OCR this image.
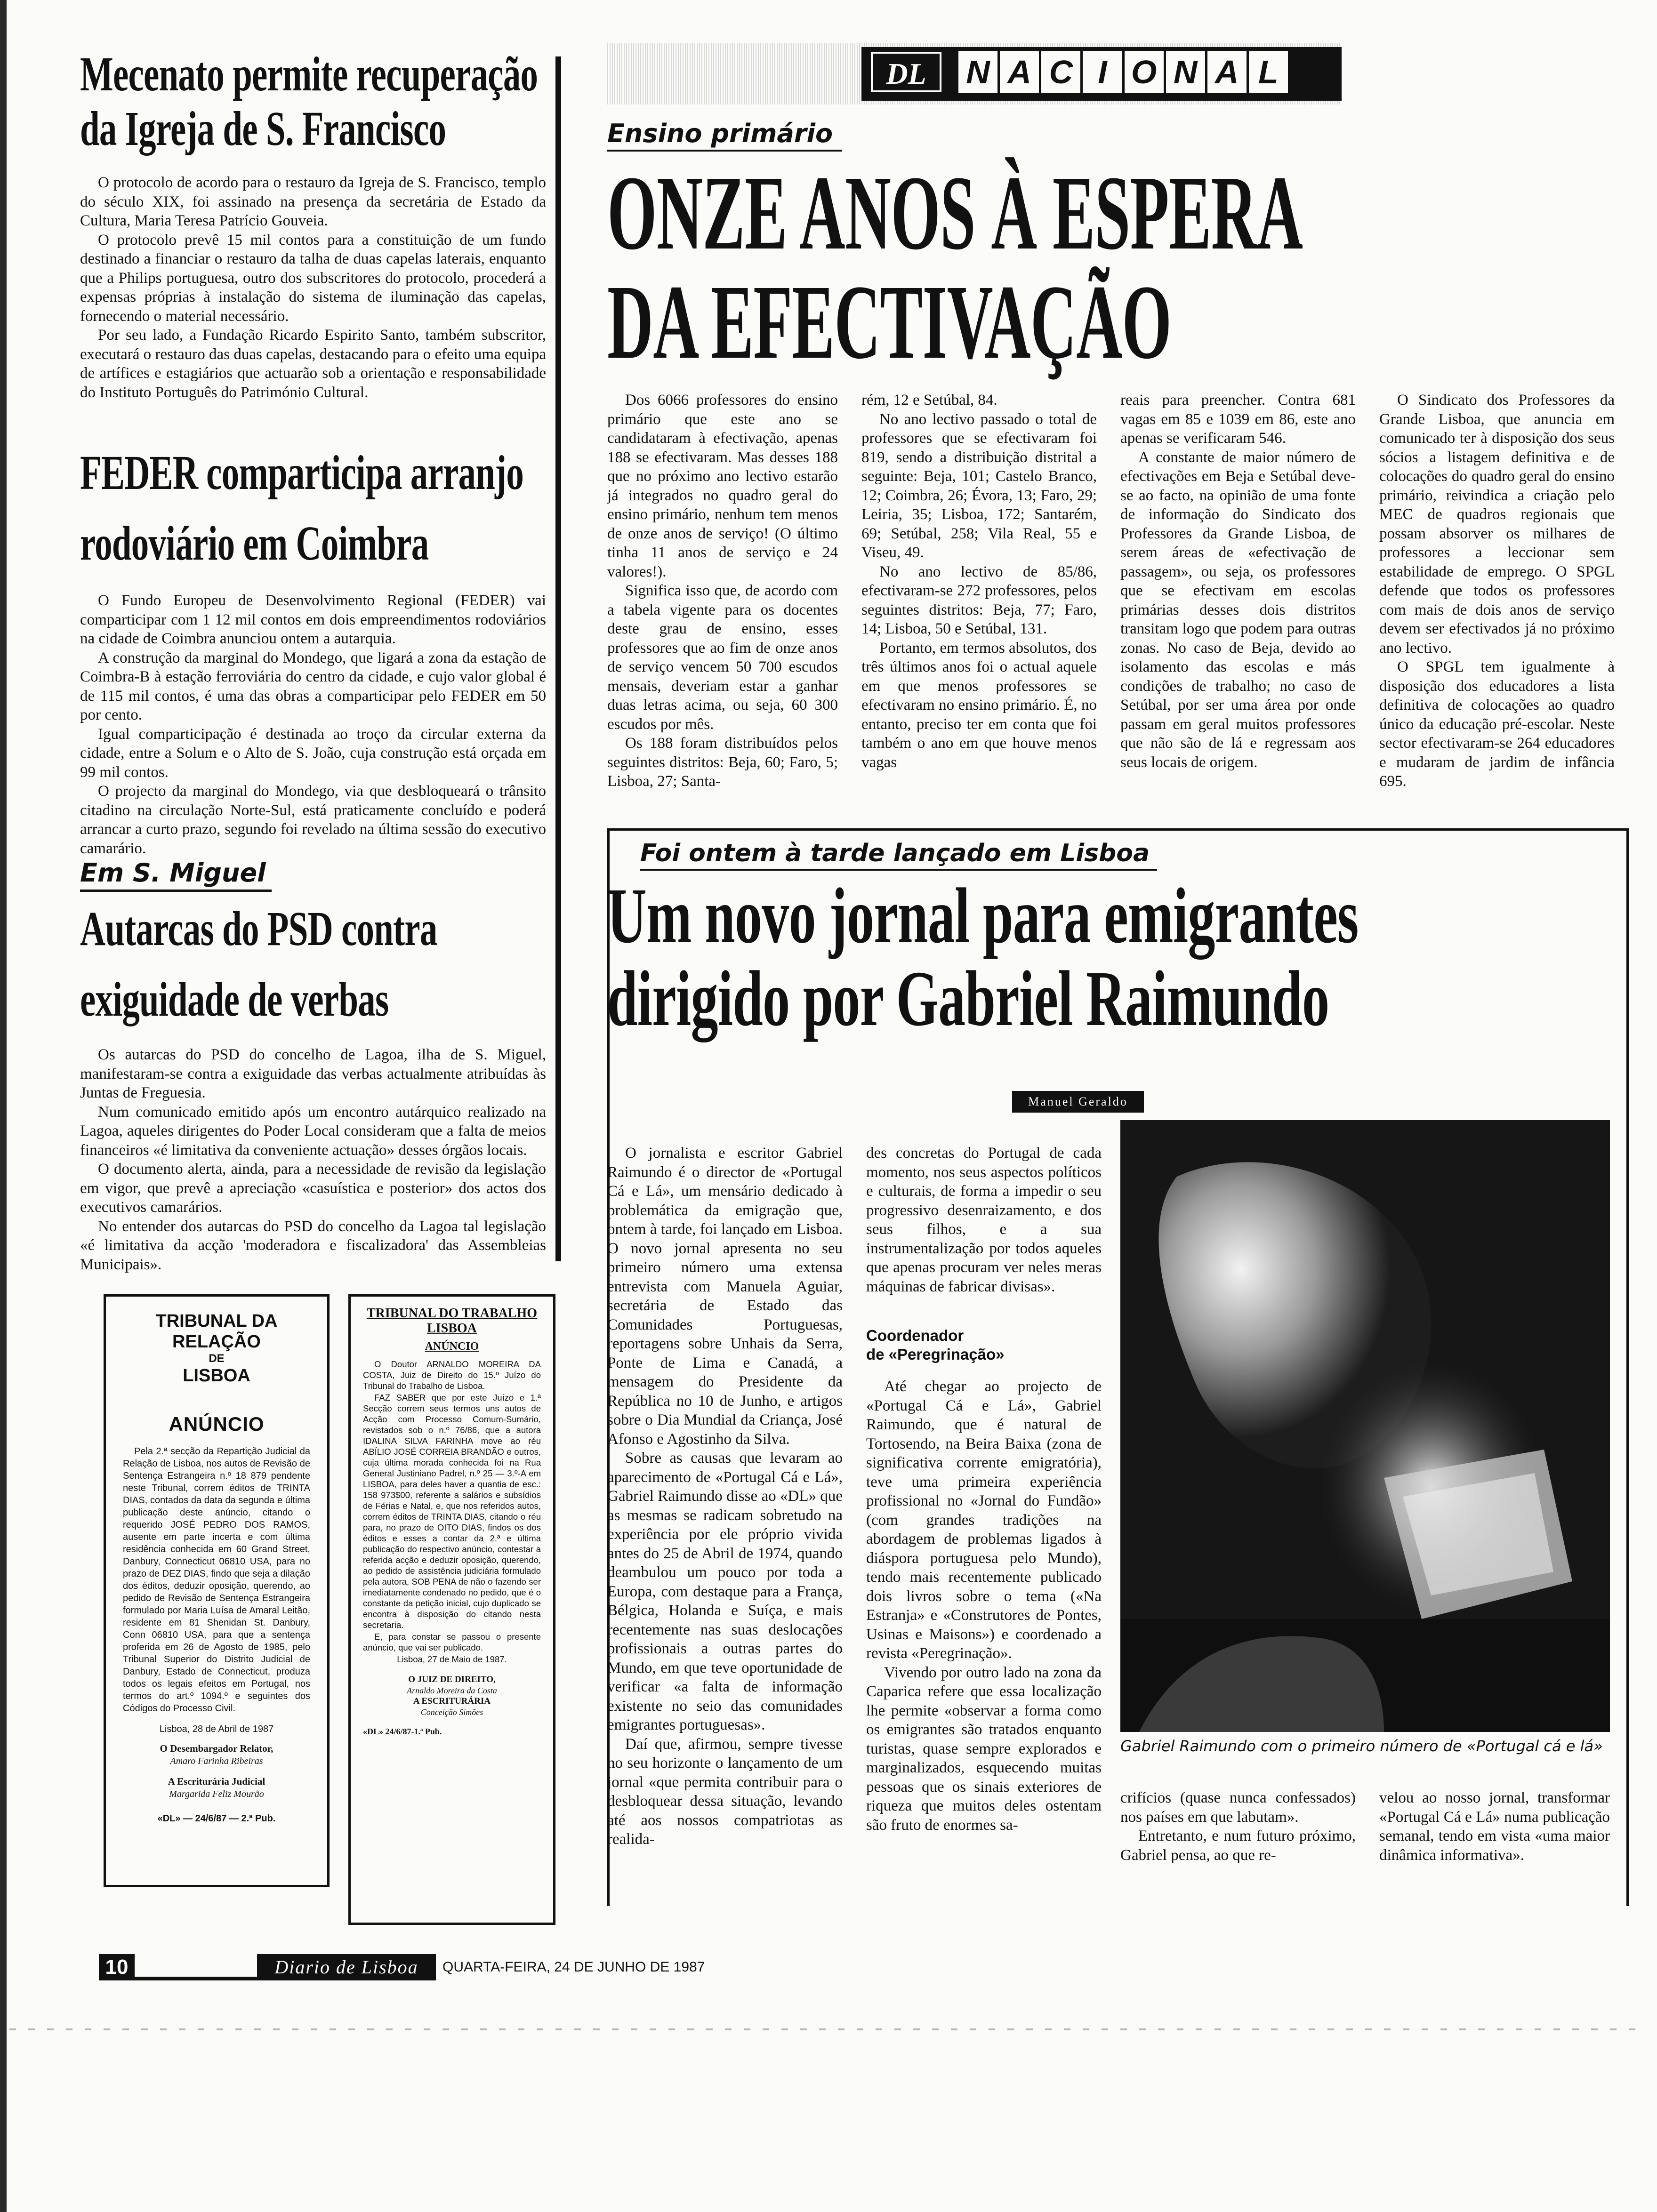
DL	N A C I O N A L
Mecenato permite recuperação
da Igreja de S. Francisco

O protocolo de acordo para o restauro da Igreja de S. Francisco, templo do século XIX, foi assinado na presença da secretária de Estado da Cultura, Maria Teresa Patrício Gouveia.

O protocolo prevê 15 mil contos para a constituição de um fundo destinado a financiar o restauro da talha de duas capelas laterais, enquanto que a Philips portuguesa, outro dos subscritores do protocolo, procederá a expensas próprias à instalação do sistema de iluminação das capelas, fornecendo o material necessário.

Por seu lado, a Fundação Ricardo Espirito Santo, também subscritor, executará o restauro das duas capelas, destacando para o efeito uma equipa de artífices e estagiários que actuarão sob a orientação e responsabilidade do Instituto Português do Património Cultural.

FEDER comparticipa arranjo
rodoviário em Coimbra

O Fundo Europeu de Desenvolvimento Regional (FEDER) vai comparticipar com 1 12 mil contos em dois empreendimentos rodoviários na cidade de Coimbra anunciou ontem a autarquia.

A construção da marginal do Mondego, que ligará a zona da estação de Coimbra-B à estação ferroviária do centro da cidade, e cujo valor global é de 115 mil contos, é uma das obras a comparticipar pelo FEDER em 50 por cento.

Igual comparticipação é destinada ao troço da circular externa da cidade, entre a Solum e o Alto de S. João, cuja construção está orçada em 99 mil contos.

O projecto da marginal do Mondego, via que desbloqueará o trânsito citadino na circulação Norte-Sul, está praticamente concluído e poderá arrancar a curto prazo, segundo foi revelado na última sessão do executivo camarário.

Em S. Miguel
Autarcas do PSD contra
exiguidade de verbas

Os autarcas do PSD do concelho de Lagoa, ilha de S. Miguel, manifestaram-se contra a exiguidade das verbas actualmente atribuídas às Juntas de Freguesia.

Num comunicado emitido após um encontro autárquico realizado na Lagoa, aqueles dirigentes do Poder Local consideram que a falta de meios financeiros «é limitativa da conveniente actuação» desses órgãos locais.

O documento alerta, ainda, para a necessidade de revisão da legislação em vigor, que prevê a apreciação «casuística e posterior» dos actos dos executivos camarários.

No entender dos autarcas do PSD do concelho da Lagoa tal legislação «é limitativa da acção 'moderadora e fiscalizadora' das Assembleias Municipais».

TRIBUNAL DA RELAÇÃO
DE
LISBOA
ANÚNCIO

Pela 2.ª secção da Repartição Judicial da Relação de Lisboa, nos autos de Revisão de Sentença Estrangeira n.º 18 879 pendente neste Tribunal, correm éditos de TRINTA DIAS, contados da data da segunda e última publicação deste anúncio, citando o requerido JOSÉ PEDRO DOS RAMOS, ausente em parte incerta e com última residência conhecida em 60 Grand Street, Danbury, Connecticut 06810 USA, para no prazo de DEZ DIAS, findo que seja a dilação dos éditos, deduzir oposição, querendo, ao pedido de Revisão de Sentença Estrangeira formulado por Maria Luísa de Amaral Leitão, residente em 81 Shenidan St. Danbury, Conn 06810 USA, para que a sentença proferida em 26 de Agosto de 1985, pelo Tribunal Superior do Distrito Judicial de Danbury, Estado de Connecticut, produza todos os legais efeitos em Portugal, nos termos do art.º 1094.º e seguintes dos Códigos do Processo Civil.

Lisboa, 28 de Abril de 1987
O Desembargador Relator,
Amaro Farinha Ribeiras
A Escriturária Judicial
Margarida Feliz Mourão
«DL» — 24/6/87 — 2.ª Pub.
TRIBUNAL DO TRABALHO
LISBOA
ANÚNCIO

O Doutor ARNALDO MOREIRA DA COSTA, Juiz de Direito do 15.º Juízo do Tribunal do Trabalho de Lisboa.

FAZ SABER que por este Juízo e 1.ª Secção correm seus termos uns autos de Acção com Processo Comum-Sumário, revistados sob o n.º 76/86, que a autora IDALINA SILVA FARINHA move ao réu ABÍLIO JOSÉ CORREIA BRANDÃO e outros, cuja última morada conhecida foi na Rua General Justiniano Padrel, n.º 25 — 3.º-A em LISBOA, para deles haver a quantia de esc.: 158 973$00, referente a salários e subsídios de Férias e Natal, e, que nos referidos autos, correm éditos de TRINTA DIAS, citando o réu para, no prazo de OITO DIAS, findos os dos éditos e esses a contar da 2.ª e última publicação do respectivo anúncio, contestar a referida acção e deduzir oposição, querendo, ao pedido de assistência judiciária formulado pela autora, SOB PENA de não o fazendo ser imediatamente condenado no pedido, que é o constante da petição inicial, cujo duplicado se encontra à disposição do citando nesta secretaria.

E, para constar se passou o presente anúncio, que vai ser publicado.

Lisboa, 27 de Maio de 1987.
O JUIZ DE DIREITO,
Arnaldo Moreira da Costa
A ESCRITURÁRIA
Conceição Simões
«DL» 24/6/87-1.ª Pub.
Ensino primário
ONZE ANOS À ESPERA
DA EFECTIVAÇÃO

Dos 6066 professores do ensino primário que este ano se candidataram à efectivação, apenas 188 se efectivaram. Mas desses 188 que no próximo ano lectivo estarão já integrados no quadro geral do ensino primário, nenhum tem menos de onze anos de serviço! (O último tinha 11 anos de serviço e 24 valores!).

Significa isso que, de acordo com a tabela vigente para os docentes deste grau de ensino, esses professores que ao fim de onze anos de serviço vencem 50 700 escudos mensais, deveriam estar a ganhar duas letras acima, ou seja, 60 300 escudos por mês.

Os 188 foram distribuídos pelos seguintes distritos: Beja, 60; Faro, 5; Lisboa, 27; Santa-

rém, 12 e Setúbal, 84.

No ano lectivo passado o total de professores que se efectivaram foi 819, sendo a distribuição distrital a seguinte: Beja, 101; Castelo Branco, 12; Coimbra, 26; Évora, 13; Faro, 29; Leiria, 35; Lisboa, 172; Santarém, 69; Setúbal, 258; Vila Real, 55 e Viseu, 49.

No ano lectivo de 85/86, efectivaram-se 272 professores, pelos seguintes distritos: Beja, 77; Faro, 14; Lisboa, 50 e Setúbal, 131.

Portanto, em termos absolutos, dos três últimos anos foi o actual aquele em que menos professores se efectivaram no ensino primário. É, no entanto, preciso ter em conta que foi também o ano em que houve menos vagas

reais para preencher. Contra 681 vagas em 85 e 1039 em 86, este ano apenas se verificaram 546.

A constante de maior número de efectivações em Beja e Setúbal deve-se ao facto, na opinião de uma fonte de informação do Sindicato dos Professores da Grande Lisboa, de serem áreas de «efectivação de passagem», ou seja, os professores que se efectivam em escolas primárias desses dois distritos transitam logo que podem para outras zonas. No caso de Beja, devido ao isolamento das escolas e más condições de trabalho; no caso de Setúbal, por ser uma área por onde passam em geral muitos professores que não são de lá e regressam aos seus locais de origem.

O Sindicato dos Professores da Grande Lisboa, que anuncia em comunicado ter à disposição dos seus sócios a listagem definitiva e de colocações do quadro geral do ensino primário, reivindica a criação pelo MEC de quadros regionais que possam absorver os milhares de professores a leccionar sem estabilidade de emprego. O SPGL defende que todos os professores com mais de dois anos de serviço devem ser efectivados já no próximo ano lectivo.

O SPGL tem igualmente à disposição dos educadores a lista definitiva de colocações ao quadro único da educação pré-escolar. Neste sector efectivaram-se 264 educadores e mudaram de jardim de infância 695.

Foi ontem à tarde lançado em Lisboa
Um novo jornal para emigrantes
dirigido por Gabriel Raimundo
Manuel Geraldo

O jornalista e escritor Gabriel Raimundo é o director de «Portugal Cá e Lá», um mensário dedicado à problemática da emigração que, ontem à tarde, foi lançado em Lisboa. O novo jornal apresenta no seu primeiro número uma extensa entrevista com Manuela Aguiar, secretária de Estado das Comunidades Portuguesas, reportagens sobre Unhais da Serra, Ponte de Lima e Canadá, a mensagem do Presidente da República no 10 de Junho, e artigos sobre o Dia Mundial da Criança, José Afonso e Agostinho da Silva.

Sobre as causas que levaram ao aparecimento de «Portugal Cá e Lá», Gabriel Raimundo disse ao «DL» que as mesmas se radicam sobretudo na experiência por ele próprio vivida antes do 25 de Abril de 1974, quando deambulou um pouco por toda a Europa, com destaque para a França, Bélgica, Holanda e Suíça, e mais recentemente nas suas deslocações profissionais a outras partes do Mundo, em que teve oportunidade de verificar «a falta de informação existente no seio das comunidades emigrantes portuguesas».

Daí que, afirmou, sempre tivesse no seu horizonte o lançamento de um jornal «que permita contribuir para o desbloquear dessa situação, levando até aos nossos compatriotas as realida-

des concretas do Portugal de cada momento, nos seus aspectos políticos e culturais, de forma a impedir o seu progressivo desenraizamento, e dos seus filhos, e a sua instrumentalização por todos aqueles que apenas procuram ver neles meras máquinas de fabricar divisas».

Coordenador
de «Peregrinação»

Até chegar ao projecto de «Portugal Cá e Lá», Gabriel Raimundo, que é natural de Tortosendo, na Beira Baixa (zona de significativa corrente emigratória), teve uma primeira experiência profissional no «Jornal do Fundão» (com grandes tradições na abordagem de problemas ligados à diáspora portuguesa pelo Mundo), tendo mais recentemente publicado dois livros sobre o tema («Na Estranja» e «Construtores de Pontes, Usinas e Maisons») e coordenado a revista «Peregrinação».

Vivendo por outro lado na zona da Caparica refere que essa localização lhe permite «observar a forma como os emigrantes são tratados enquanto turistas, quase sempre explorados e marginalizados, esquecendo muitas pessoas que os sinais exteriores de riqueza que muitos deles ostentam são fruto de enormes sa-

Gabriel Raimundo com o primeiro número de «Portugal cá e lá»

crifícios (quase nunca confessados) nos países em que labutam».

Entretanto, e num futuro próximo, Gabriel pensa, ao que re-

velou ao nosso jornal, transformar «Portugal Cá e Lá» numa publicação semanal, tendo em vista «uma maior dinâmica informativa».

10	Diario de Lisboa	QUARTA-FEIRA, 24 DE JUNHO DE 1987
